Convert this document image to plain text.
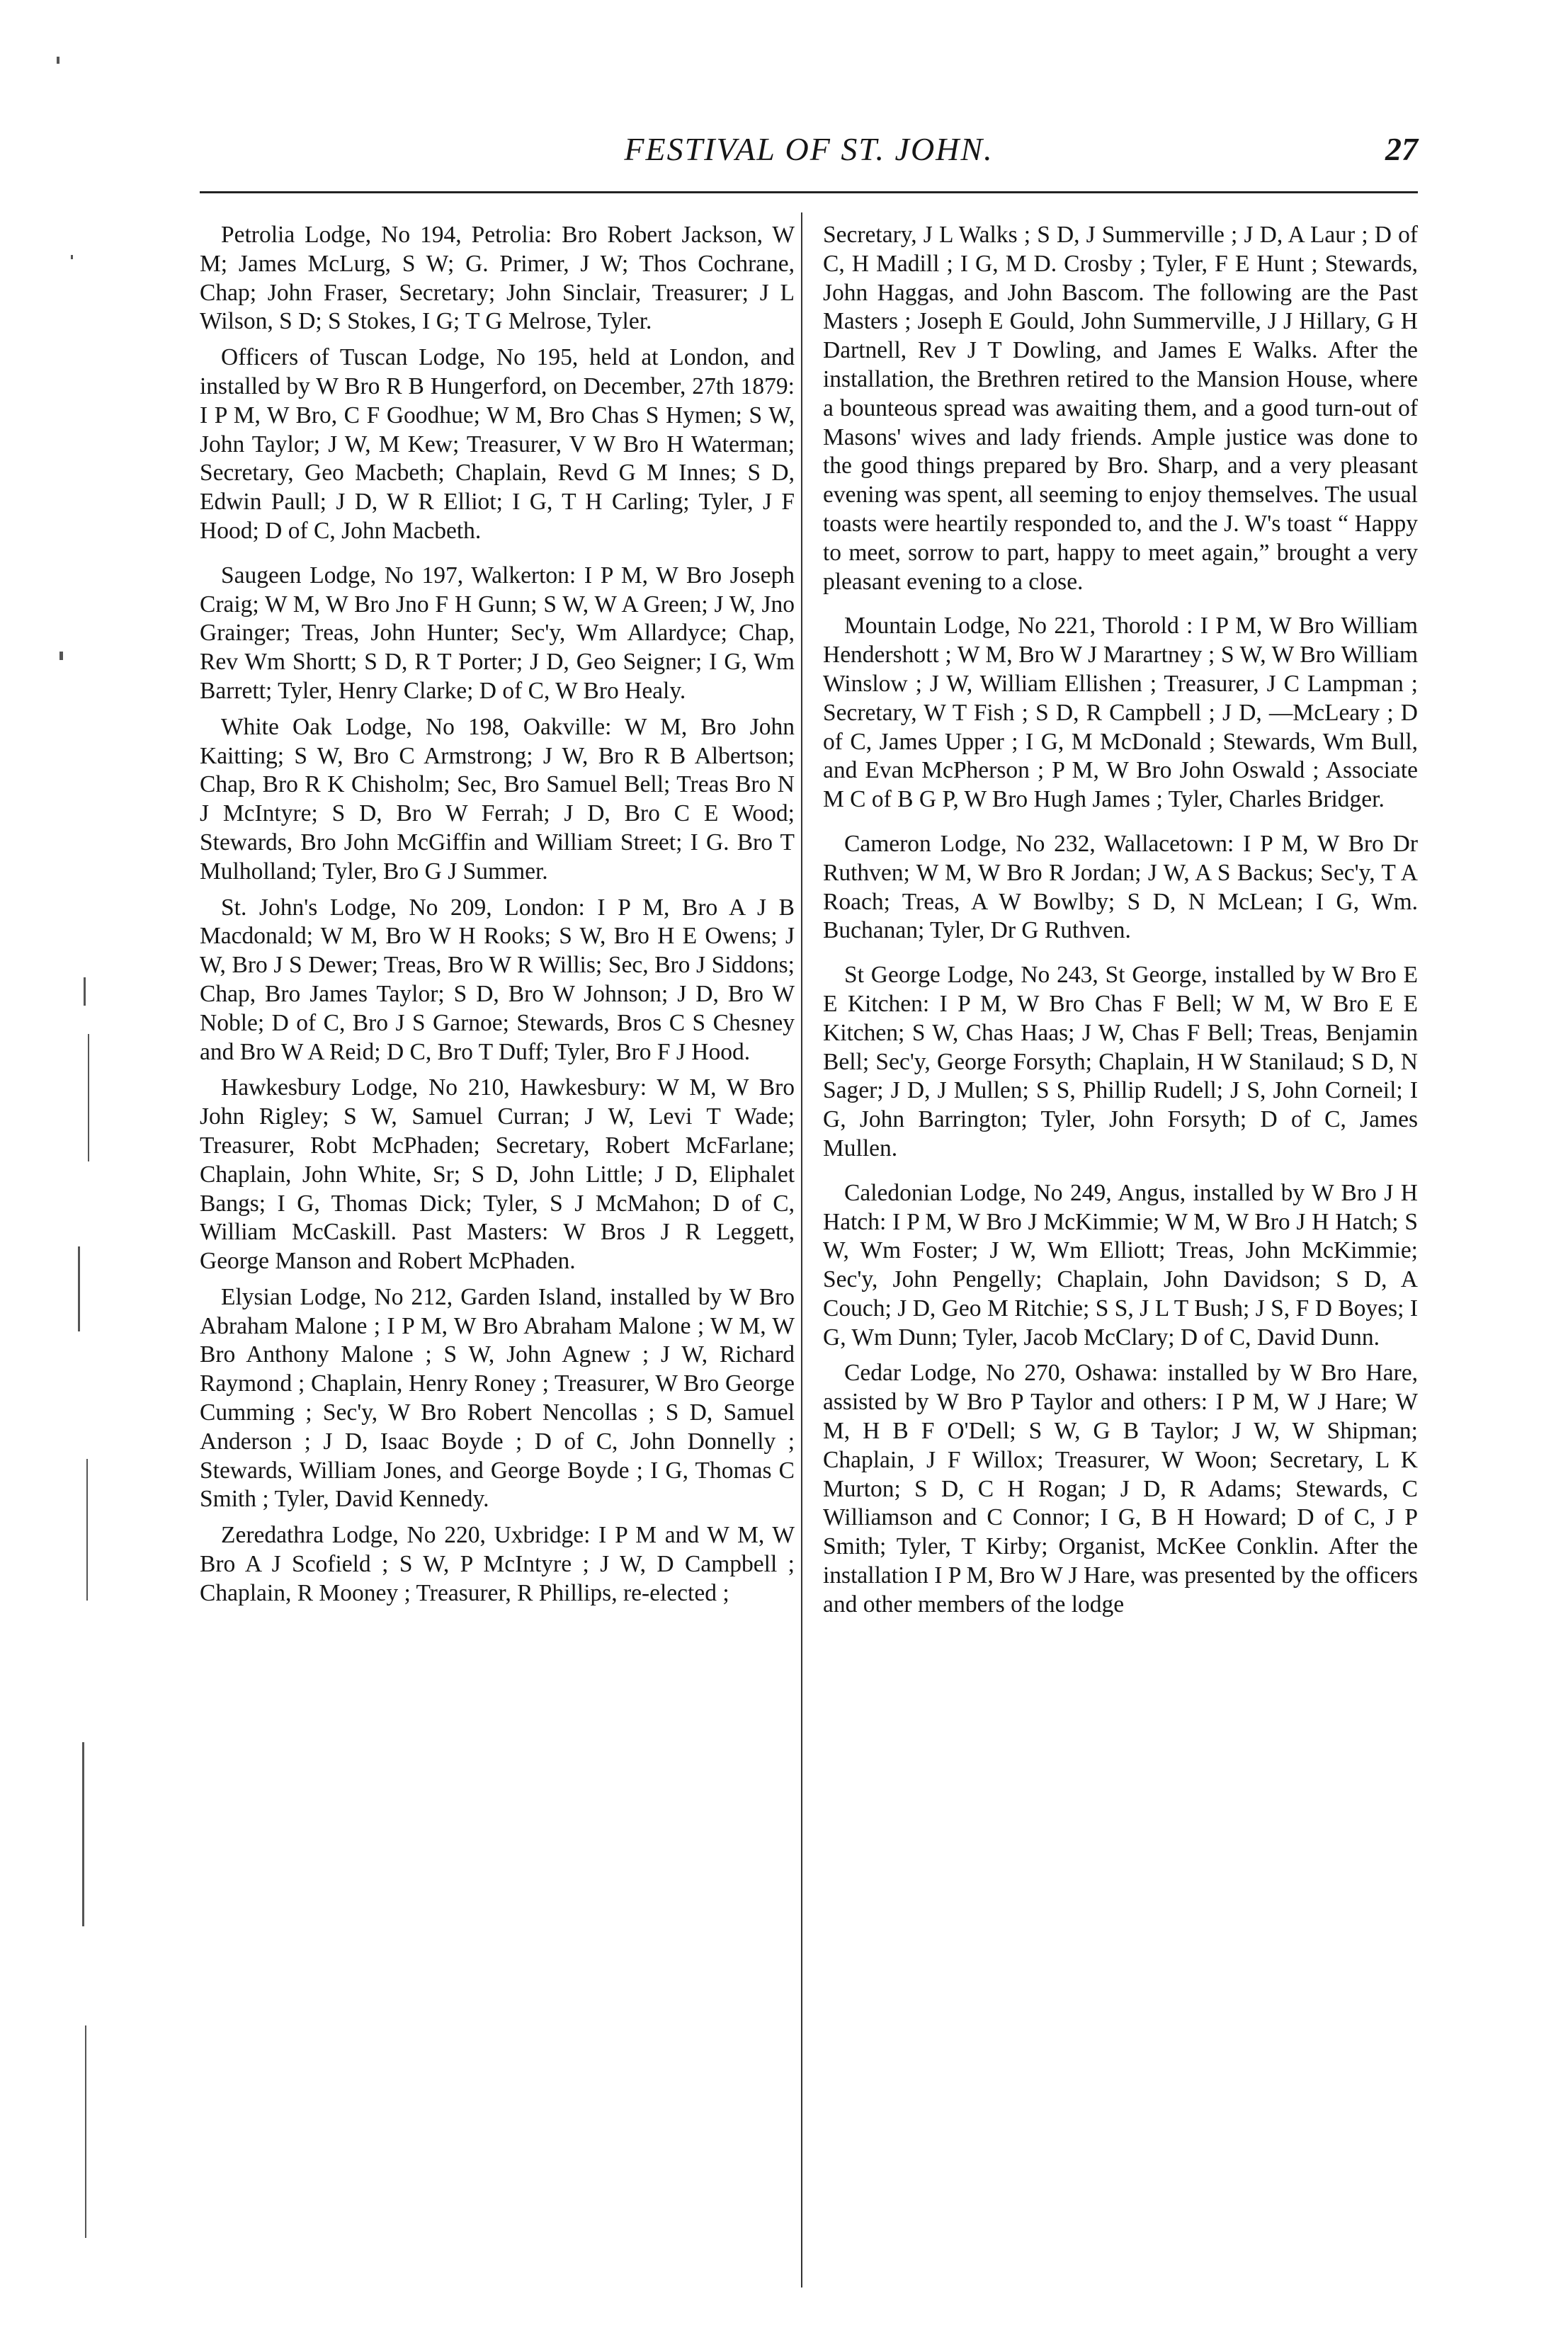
FESTIVAL OF ST. JOHN.	27

Petrolia Lodge, No 194, Petrolia: Bro Robert Jackson, W M; James McLurg, S W; G. Primer, J W; Thos Cochrane, Chap; John Fraser, Secretary; John Sinclair, Treasurer; J L Wilson, S D; S Stokes, I G; T G Melrose, Tyler.

Officers of Tuscan Lodge, No 195, held at London, and installed by W Bro R B Hungerford, on December, 27th 1879: I P M, W Bro, C F Goodhue; W M, Bro Chas S Hymen; S W, John Taylor; J W, M Kew; Treasurer, V W Bro H Waterman; Secretary, Geo Macbeth; Chaplain, Revd G M Innes; S D, Edwin Paull; J D, W R Elliot; I G, T H Carling; Tyler, J F Hood; D of C, John Macbeth.

Saugeen Lodge, No 197, Walkerton: I P M, W Bro Joseph Craig; W M, W Bro Jno F H Gunn; S W, W A Green; J W, Jno Grainger; Treas, John Hunter; Sec'y, Wm Allardyce; Chap, Rev Wm Shortt; S D, R T Porter; J D, Geo Seigner; I G, Wm Barrett; Tyler, Henry Clarke; D of C, W Bro Healy.

White Oak Lodge, No 198, Oakville: W M, Bro John Kaitting; S W, Bro C Armstrong; J W, Bro R B Albertson; Chap, Bro R K Chisholm; Sec, Bro Samuel Bell; Treas Bro N J McIntyre; S D, Bro W Ferrah; J D, Bro C E Wood; Stewards, Bro John McGiffin and William Street; I G. Bro T Mulholland; Tyler, Bro G J Summer.

St. John's Lodge, No 209, London: I P M, Bro A J B Macdonald; W M, Bro W H Rooks; S W, Bro H E Owens; J W, Bro J S Dewer; Treas, Bro W R Willis; Sec, Bro J Siddons; Chap, Bro James Taylor; S D, Bro W Johnson; J D, Bro W Noble; D of C, Bro J S Garnoe; Stewards, Bros C S Chesney and Bro W A Reid; D C, Bro T Duff; Tyler, Bro F J Hood.

Hawkesbury Lodge, No 210, Hawkesbury: W M, W Bro John Rigley; S W, Samuel Curran; J W, Levi T Wade; Treasurer, Robt McPhaden; Secretary, Robert McFarlane; Chaplain, John White, Sr; S D, John Little; J D, Eliphalet Bangs; I G, Thomas Dick; Tyler, S J McMahon; D of C, William McCaskill. Past Masters: W Bros J R Leggett, George Manson and Robert McPhaden.

Elysian Lodge, No 212, Garden Island, installed by W Bro Abraham Malone ; I P M, W Bro Abraham Malone ; W M, W Bro Anthony Malone ; S W, John Agnew ; J W, Richard Raymond ; Chaplain, Henry Roney ; Treasurer, W Bro George Cumming ; Sec'y, W Bro Robert Nencollas ; S D, Samuel Anderson ; J D, Isaac Boyde ; D of C, John Donnelly ; Stewards, William Jones, and George Boyde ; I G, Thomas C Smith ; Tyler, David Kennedy.

Zeredathra Lodge, No 220, Uxbridge: I P M and W M, W Bro A J Scofield ; S W, P McIntyre ; J W, D Campbell ; Chaplain, R Mooney ; Treasurer, R Phillips, re-elected ;

Secretary, J L Walks ; S D, J Summerville ; J D, A Laur ; D of C, H Madill ; I G, M D. Crosby ; Tyler, F E Hunt ; Stewards, John Haggas, and John Bascom. The following are the Past Masters ; Joseph E Gould, John Summerville, J J Hillary, G H Dartnell, Rev J T Dowling, and James E Walks. After the installation, the Brethren retired to the Mansion House, where a bounteous spread was awaiting them, and a good turn-out of Masons' wives and lady friends. Ample justice was done to the good things prepared by Bro. Sharp, and a very pleasant evening was spent, all seeming to enjoy themselves. The usual toasts were heartily responded to, and the J. W's toast “ Happy to meet, sorrow to part, happy to meet again,” brought a very pleasant evening to a close.

Mountain Lodge, No 221, Thorold : I P M, W Bro William Hendershott ; W M, Bro W J Marartney ; S W, W Bro William Winslow ; J W, William Ellishen ; Treasurer, J C Lampman ; Secretary, W T Fish ; S D, R Campbell ; J D, —McLeary ; D of C, James Upper ; I G, M McDonald ; Stewards, Wm Bull, and Evan McPherson ; P M, W Bro John Oswald ; Associate M C of B G P, W Bro Hugh James ; Tyler, Charles Bridger.

Cameron Lodge, No 232, Wallacetown: I P M, W Bro Dr Ruthven; W M, W Bro R Jordan; J W, A S Backus; Sec'y, T A Roach; Treas, A W Bowlby; S D, N McLean; I G, Wm. Buchanan; Tyler, Dr G Ruthven.

St George Lodge, No 243, St George, installed by W Bro E E Kitchen: I P M, W Bro Chas F Bell; W M, W Bro E E Kitchen; S W, Chas Haas; J W, Chas F Bell; Treas, Benjamin Bell; Sec'y, George Forsyth; Chaplain, H W Stanilaud; S D, N Sager; J D, J Mullen; S S, Phillip Rudell; J S, John Corneil; I G, John Barrington; Tyler, John Forsyth; D of C, James Mullen.

Caledonian Lodge, No 249, Angus, installed by W Bro J H Hatch: I P M, W Bro J McKimmie; W M, W Bro J H Hatch; S W, Wm Foster; J W, Wm Elliott; Treas, John McKimmie; Sec'y, John Pengelly; Chaplain, John Davidson; S D, A Couch; J D, Geo M Ritchie; S S, J L T Bush; J S, F D Boyes; I G, Wm Dunn; Tyler, Jacob McClary; D of C, David Dunn.

Cedar Lodge, No 270, Oshawa: installed by W Bro Hare, assisted by W Bro P Taylor and others: I P M, W J Hare; W M, H B F O'Dell; S W, G B Taylor; J W, W Shipman; Chaplain, J F Willox; Treasurer, W Woon; Secretary, L K Murton; S D, C H Rogan; J D, R Adams; Stewards, C Williamson and C Connor; I G, B H Howard; D of C, J P Smith; Tyler, T Kirby; Organist, McKee Conklin. After the installation I P M, Bro W J Hare, was presented by the officers and other members of the lodge
